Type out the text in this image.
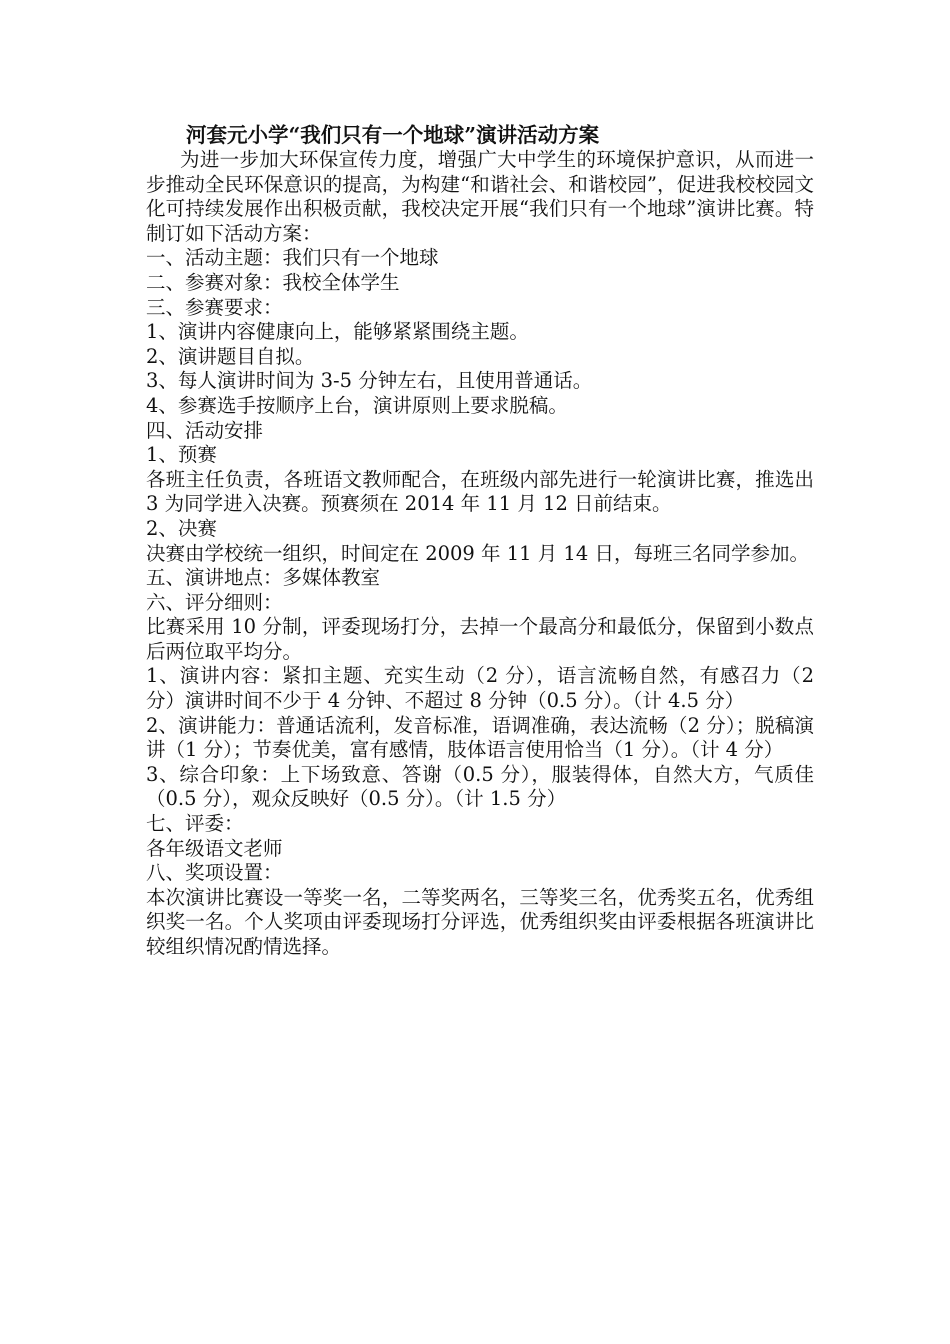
河套元小学“我们只有一个地球”演讲活动方案

为进一步加大环保宣传力度，增强广大中学生的环境保护意识，从而进一步推动全民环保意识的提高，为构建“和谐社会、和谐校园”，促进我校校园文化可持续发展作出积极贡献，我校决定开展“我们只有一个地球”演讲比赛。特制订如下活动方案：

一、活动主题：我们只有一个地球

二、参赛对象：我校全体学生

三、参赛要求：

1、演讲内容健康向上，能够紧紧围绕主题。

2、演讲题目自拟。

3、每人演讲时间为 3-5 分钟左右，且使用普通话。

4、参赛选手按顺序上台，演讲原则上要求脱稿。

四、活动安排

1、预赛

各班主任负责，各班语文教师配合，在班级内部先进行一轮演讲比赛，推选出 3 为同学进入决赛。预赛须在 2014 年 11 月 12 日前结束。

2、决赛

决赛由学校统一组织，时间定在 2009 年 11 月 14 日，每班三名同学参加。

五、演讲地点：多媒体教室

六、评分细则：

比赛采用 10 分制，评委现场打分，去掉一个最高分和最低分，保留到小数点后两位取平均分。

1、演讲内容：紧扣主题、充实生动（2 分），语言流畅自然，有感召力（2 分）演讲时间不少于 4 分钟、不超过 8 分钟（0.5 分）。（计 4.5 分）

2、演讲能力：普通话流利，发音标准，语调准确，表达流畅（2 分）；脱稿演讲（1 分）；节奏优美，富有感情，肢体语言使用恰当（1 分）。（计 4 分）

3、综合印象：上下场致意、答谢（0.5 分），服装得体，自然大方，气质佳（0.5 分），观众反映好（0.5 分）。（计 1.5 分）

七、评委：

各年级语文老师

八、奖项设置：

本次演讲比赛设一等奖一名，二等奖两名，三等奖三名，优秀奖五名，优秀组织奖一名。个人奖项由评委现场打分评选，优秀组织奖由评委根据各班演讲比较组织情况酌情选择。
